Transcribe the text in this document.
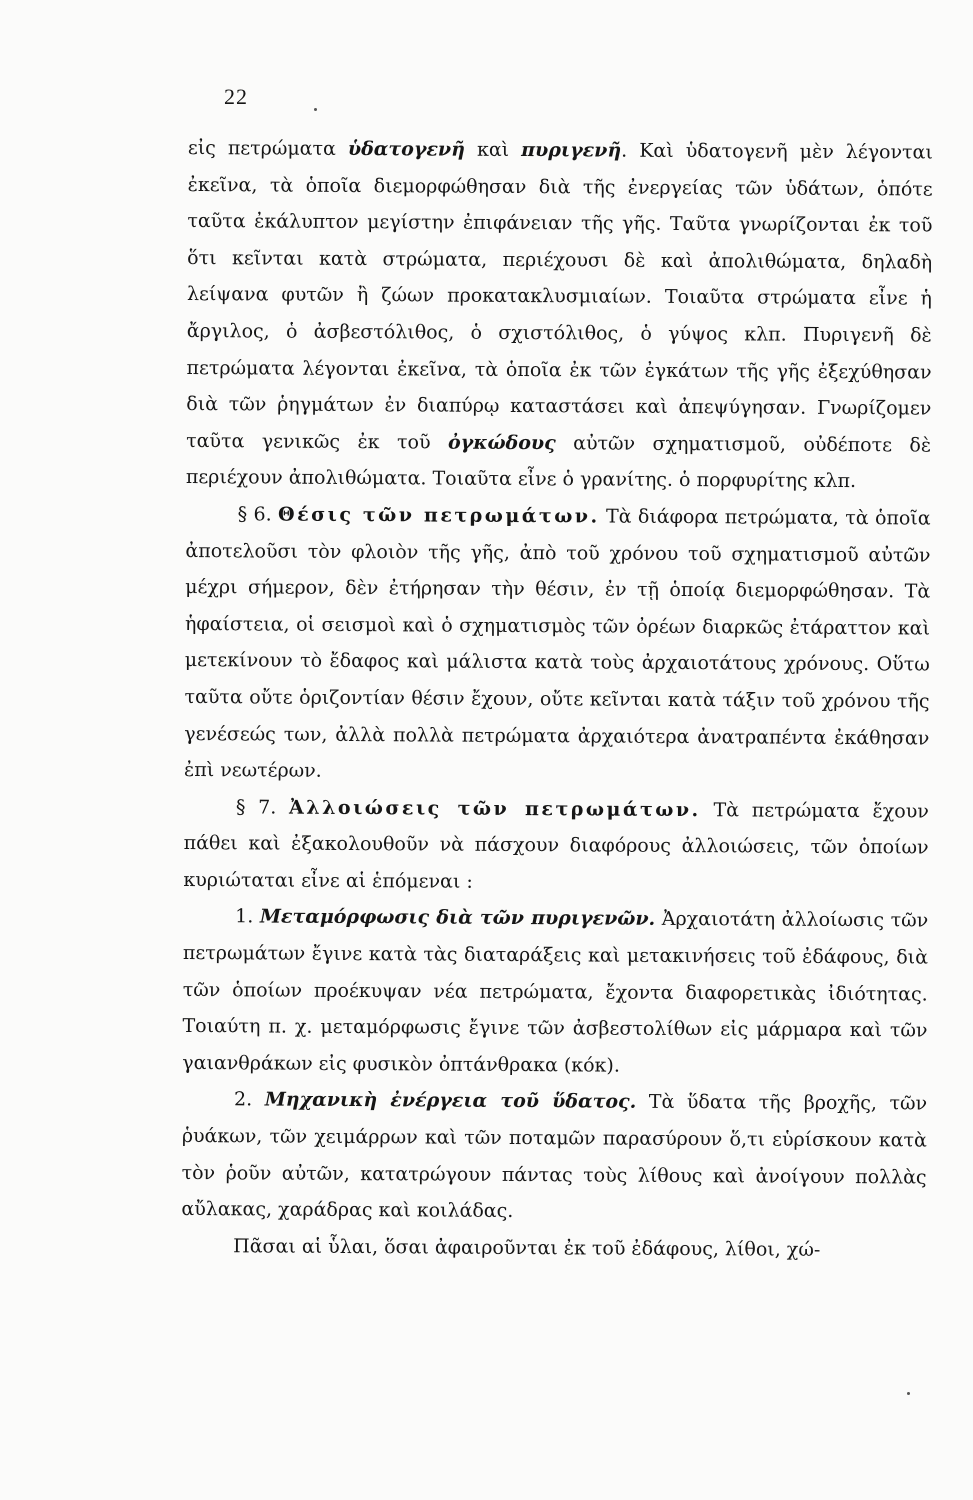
22

εἰς πετρώματα ὑδατογενῆ καὶ πυριγενῆ. Καὶ ὑδατογενῆ μὲν λέγονται ἐκεῖνα, τὰ ὁποῖα διεμορφώθησαν διὰ τῆς ἐνεργείας τῶν ὑδάτων, ὁπότε ταῦτα ἐκάλυπτον μεγίστην ἐπιφάνειαν τῆς γῆς. Ταῦτα γνωρίζονται ἐκ τοῦ ὅτι κεῖνται κατὰ στρώματα, περιέχουσι δὲ καὶ ἀπολιθώματα, δηλαδὴ λείψανα φυτῶν ἢ ζώων προκατακλυσμιαίων. Τοιαῦτα στρώματα εἶνε ἡ ἄργιλος, ὁ ἀσβεστόλιθος, ὁ σχιστόλιθος, ὁ γύψος κλπ. Πυριγενῆ δὲ πετρώματα λέγονται ἐκεῖνα, τὰ ὁποῖα ἐκ τῶν ἐγκάτων τῆς γῆς ἐξεχύθησαν διὰ τῶν ῥηγμάτων ἐν διαπύρῳ καταστάσει καὶ ἀπεψύγησαν. Γνωρίζομεν ταῦτα γενικῶς ἐκ τοῦ ὀγκώδους αὐτῶν σχηματισμοῦ, οὐδέποτε δὲ περιέχουν ἀπολιθώματα. Τοιαῦτα εἶνε ὁ γρανίτης. ὁ πορφυρίτης κλπ.

§ 6. Θέσις τῶν πετρωμάτων. Τὰ διάφορα πετρώματα, τὰ ὁποῖα ἀποτελοῦσι τὸν φλοιὸν τῆς γῆς, ἀπὸ τοῦ χρόνου τοῦ σχηματισμοῦ αὐτῶν μέχρι σήμερον, δὲν ἐτήρησαν τὴν θέσιν, ἐν τῇ ὁποίᾳ διεμορφώθησαν. Τὰ ἡφαίστεια, οἱ σεισμοὶ καὶ ὁ σχηματισμὸς τῶν ὀρέων διαρκῶς ἐτάραττον καὶ μετεκίνουν τὸ ἔδαφος καὶ μάλιστα κατὰ τοὺς ἀρχαιοτάτους χρόνους. Οὕτω ταῦτα οὔτε ὁριζοντίαν θέσιν ἔχουν, οὔτε κεῖνται κατὰ τάξιν τοῦ χρόνου τῆς γενέσεώς των, ἀλλὰ πολλὰ πετρώματα ἀρχαιότερα ἀνατραπέντα ἐκάθησαν ἐπὶ νεωτέρων.

§ 7. Ἀλλοιώσεις τῶν πετρωμάτων. Τὰ πετρώματα ἔχουν πάθει καὶ ἐξακολουθοῦν νὰ πάσχουν διαφόρους ἀλλοιώσεις, τῶν ὁποίων κυριώταται εἶνε αἱ ἑπόμεναι :

1. Μεταμόρφωσις διὰ τῶν πυριγενῶν. Ἀρχαιοτάτη ἀλλοίωσις τῶν πετρωμάτων ἔγινε κατὰ τὰς διαταράξεις καὶ μετακινήσεις τοῦ ἐδάφους, διὰ τῶν ὁποίων προέκυψαν νέα πετρώματα, ἔχοντα διαφορετικὰς ἰδιότητας. Τοιαύτη π. χ. μεταμόρφωσις ἔγινε τῶν ἀσβεστολίθων εἰς μάρμαρα καὶ τῶν γαιανθράκων εἰς φυσικὸν ὀπτάνθρακα (κόκ).

2. Μηχανικὴ ἐνέργεια τοῦ ὕδατος. Τὰ ὕδατα τῆς βροχῆς, τῶν ῥυάκων, τῶν χειμάρρων καὶ τῶν ποταμῶν παρασύρουν ὅ,τι εὑρίσκουν κατὰ τὸν ῥοῦν αὐτῶν, κατατρώγουν πάντας τοὺς λίθους καὶ ἀνοίγουν πολλὰς αὔλακας, χαράδρας καὶ κοιλάδας.

Πᾶσαι αἱ ὗλαι, ὅσαι ἀφαιροῦνται ἐκ τοῦ ἐδάφους, λίθοι, χώ-
